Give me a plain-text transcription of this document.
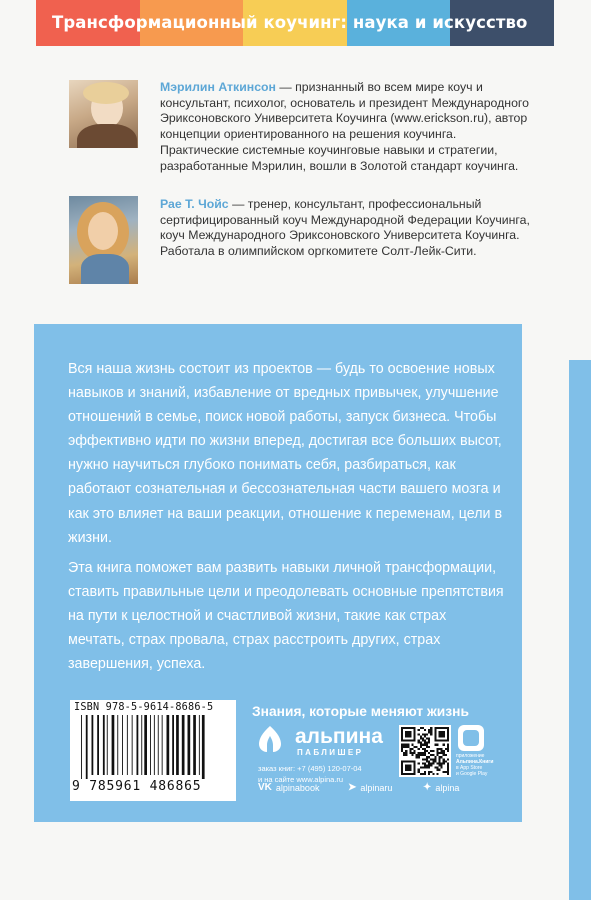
Трансформационный коучинг: наука и искусство
Мэрилин Аткинсон — признанный во всем мире коуч и консультант, психолог, основатель и президент Международного Эриксоновского Университета Коучинга (www.erickson.ru), автор концепции ориентированного на решения коучинга. Практические системные коучинговые навыки и стратегии, разработанные Мэрилин, вошли в Золотой стандарт коучинга.
Рае Т. Чойс — тренер, консультант, профессиональный сертифицированный коуч Международной Федерации Коучинга, коуч Международного Эриксоновского Университета Коучинга. Работала в олимпийском оргкомитете Солт-Лейк-Сити.
Вся наша жизнь состоит из проектов — будь то освоение новых навыков и знаний, избавление от вредных привычек, улучшение отношений в семье, поиск новой работы, запуск бизнеса. Чтобы эффективно идти по жизни вперед, достигая все больших высот, нужно научиться глубоко понимать себя, разбираться, как работают сознательная и бессознательная части вашего мозга и как это влияет на ваши реакции, отношение к переменам, цели в жизни.
Эта книга поможет вам развить навыки личной трансформации, ставить правильные цели и преодолевать основные препятствия на пути к целостной и счастливой жизни, такие как страх мечтать, страх провала, страх расстроить других, страх завершения, успеха.
ISBN 978-5-9614-8686-5
9 785961 486865
Знания, которые меняют жизнь
альпина
ПАБЛИШЕР
заказ книг: +7 (495) 120-07-04
и на сайте www.alpina.ru
приложение
Альпина.Книги
в App Store
и Google Play
VK alpinabook	➤ alpinaru	✦ alpina
